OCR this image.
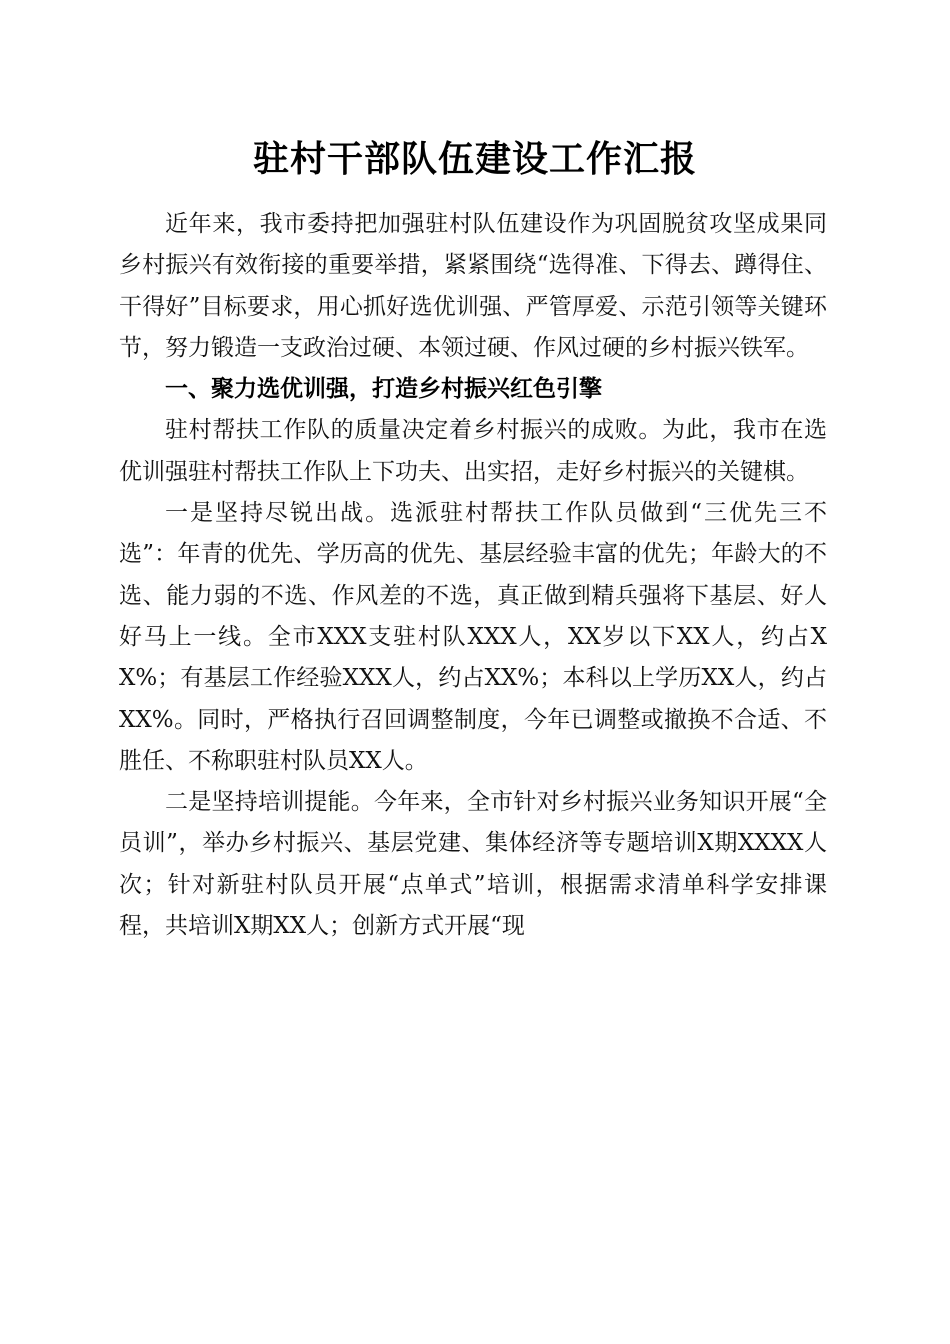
驻村干部队伍建设工作汇报

近年来，我市委持把加强驻村队伍建设作为巩固脱贫攻坚成果同乡村振兴有效衔接的重要举措，紧紧围绕“选得准、下得去、蹲得住、干得好”目标要求，用心抓好选优训强、严管厚爱、示范引领等关键环节，努力锻造一支政治过硬、本领过硬、作风过硬的乡村振兴铁军。

一、聚力选优训强，打造乡村振兴红色引擎

驻村帮扶工作队的质量决定着乡村振兴的成败。为此，我市在选优训强驻村帮扶工作队上下功夫、出实招，走好乡村振兴的关键棋。

一是坚持尽锐出战。选派驻村帮扶工作队员做到“三优先三不选”：年青的优先、学历高的优先、基层经验丰富的优先；年龄大的不选、能力弱的不选、作风差的不选，真正做到精兵强将下基层、好人好马上一线。全市XXX支驻村队XXX人，XX岁以下XX人，约占XX%；有基层工作经验XXX人，约占XX%；本科以上学历XX人，约占XX%。同时，严格执行召回调整制度，今年已调整或撤换不合适、不胜任、不称职驻村队员XX人。

二是坚持培训提能。今年来，全市针对乡村振兴业务知识开展“全员训”，举办乡村振兴、基层党建、集体经济等专题培训X期XXXX人次；针对新驻村队员开展“点单式”培训，根据需求清单科学安排课程，共培训X期XX人；创新方式开展“现
